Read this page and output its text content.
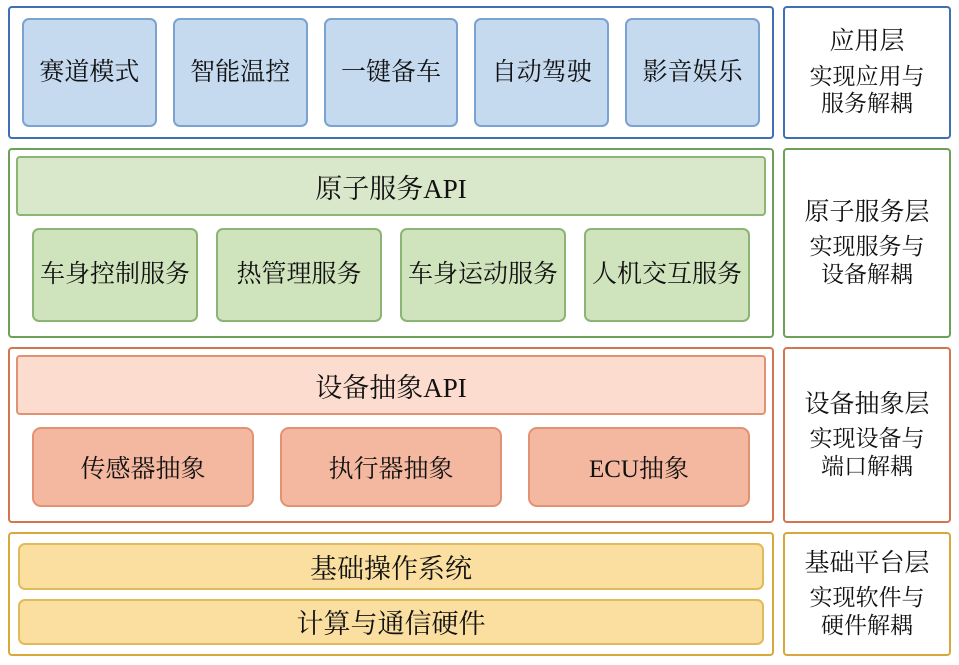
赛道 模式 智能 温控 一键 备车 自动 驾驶 影音 娱乐
应用层
实现应用与
服务解耦
原子服务API
车身控制 服务 热管理 服务 车身运动 服务 人机交互 服务
原子服务层
实现服务与
设备解耦
设备抽象API
传感器抽象	执行器抽象	ECU抽象
设备抽象层
实现设备与
端口解耦
基础操作系统
计算与通信硬件
基础平台层
实现软件与
硬件解耦
